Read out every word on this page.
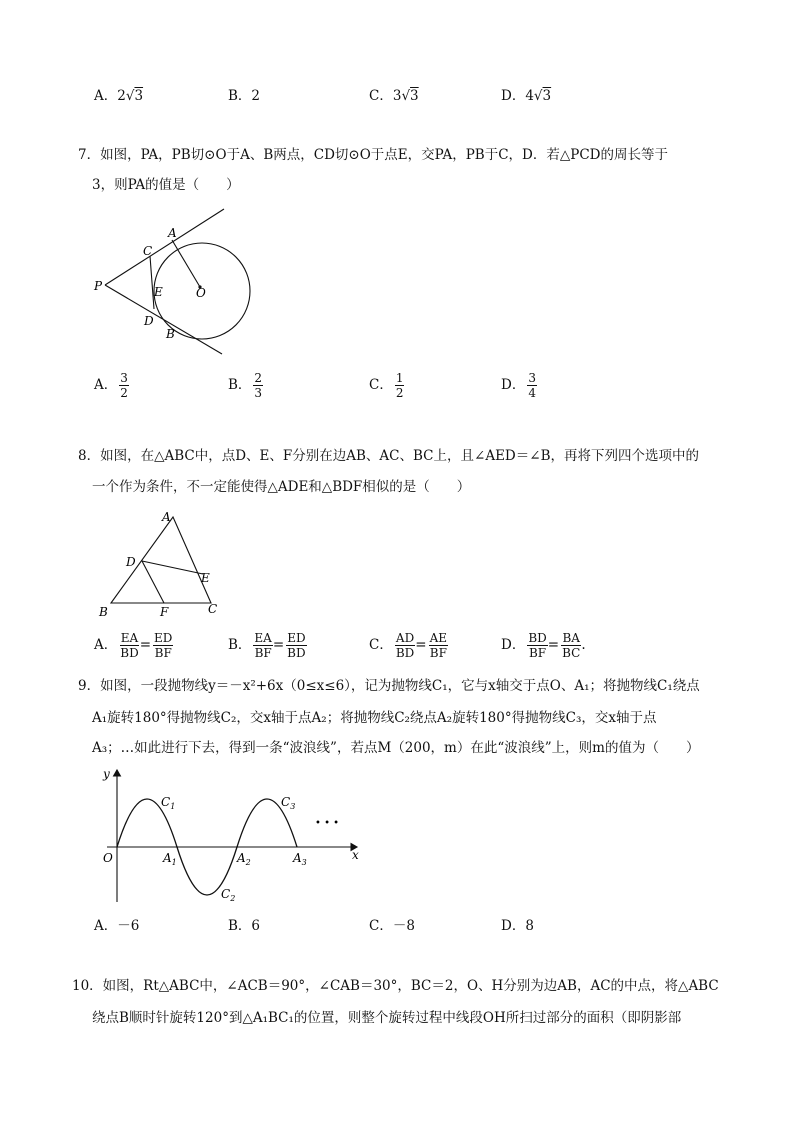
A．2√3	B．2	C．3√3	D．4√3
7．如图，PA，PB切⊙O于A、B两点，CD切⊙O于点E，交PA，PB于C，D．若△PCD的周长等于
3，则PA的值是（　　）
P
A
C
E	O
D
B
A． $\frac{3}{2}$	B． $\frac{2}{3}$	C． $\frac{1}{2}$	D． $\frac{3}{4}$
8．如图，在△ABC中，点D、E、F分别在边AB、AC、BC上，且∠AED＝∠B，再将下列四个选项中的
一个作为条件，不一定能使得△ADE和△BDF相似的是（　　）
A
D
E
B	F	C
A． $\frac{EA}{BD} = \frac{ED}{BF}$	B． $\frac{EA}{BF} = \frac{ED}{BD}$	C． $\frac{AD}{BD} = \frac{AE}{BF}$	D． $\frac{BD}{BF} = \frac{BA}{BC}$ .
9．如图，一段抛物线y＝－x²+6x（0≤x≤6），记为抛物线C₁，它与x轴交于点O、A₁；将抛物线C₁绕点
A₁旋转180°得抛物线C₂，交x轴于点A₂；将抛物线C₂绕点A₂旋转180°得抛物线C₃，交x轴于点
A₃；…如此进行下去，得到一条“波浪线”，若点M（200，m）在此“波浪线”上，则m的值为（　　）
y
x
O	$A_1$	$A_2$	$A_3$
$C_1$
$C_2$
$C_3$
• • •
A．－6	B．6	C．－8	D．8
10．如图，Rt△ABC中，∠ACB＝90°，∠CAB＝30°，BC＝2，O、H分别为边AB，AC的中点，将△ABC
绕点B顺时针旋转120°到△A₁BC₁的位置，则整个旋转过程中线段OH所扫过部分的面积（即阴影部
